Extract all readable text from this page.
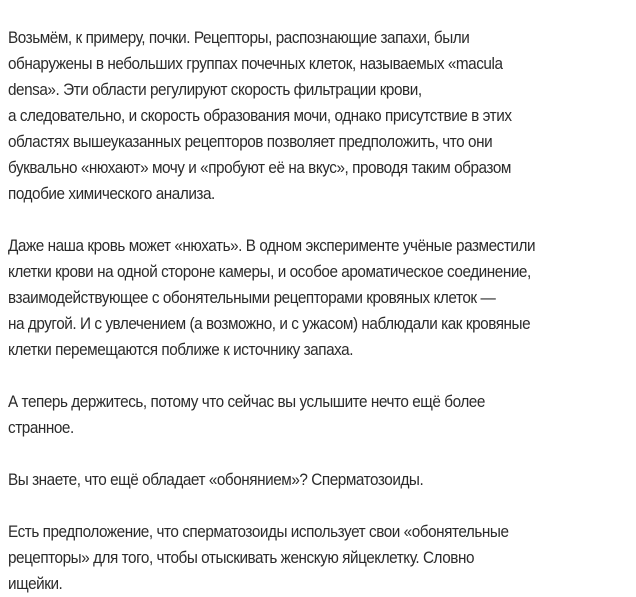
Возьмём, к примеру, почки. Рецепторы, распознающие запахи, были
обнаружены в небольших группах почечных клеток, называемых «macula
densa». Эти области регулируют скорость фильтрации крови,
а следовательно, и скорость образования мочи, однако присутствие в этих
областях вышеуказанных рецепторов позволяет предположить, что они
буквально «нюхают» мочу и «пробуют её на вкус», проводя таким образом
подобие химического анализа.

Даже наша кровь может «нюхать». В одном эксперименте учёные разместили
клетки крови на одной стороне камеры, и особое ароматическое соединение,
взаимодействующее с обонятельными рецепторами кровяных клеток —
на другой. И с увлечением (а возможно, и с ужасом) наблюдали как кровяные
клетки перемещаются поближе к источнику запаха.

А теперь держитесь, потому что сейчас вы услышите нечто ещё более
странное.

Вы знаете, что ещё обладает «обонянием»? Сперматозоиды.

Есть предположение, что сперматозоиды использует свои «обонятельные
рецепторы» для того, чтобы отыскивать женскую яйцеклетку. Словно
ищейки.
